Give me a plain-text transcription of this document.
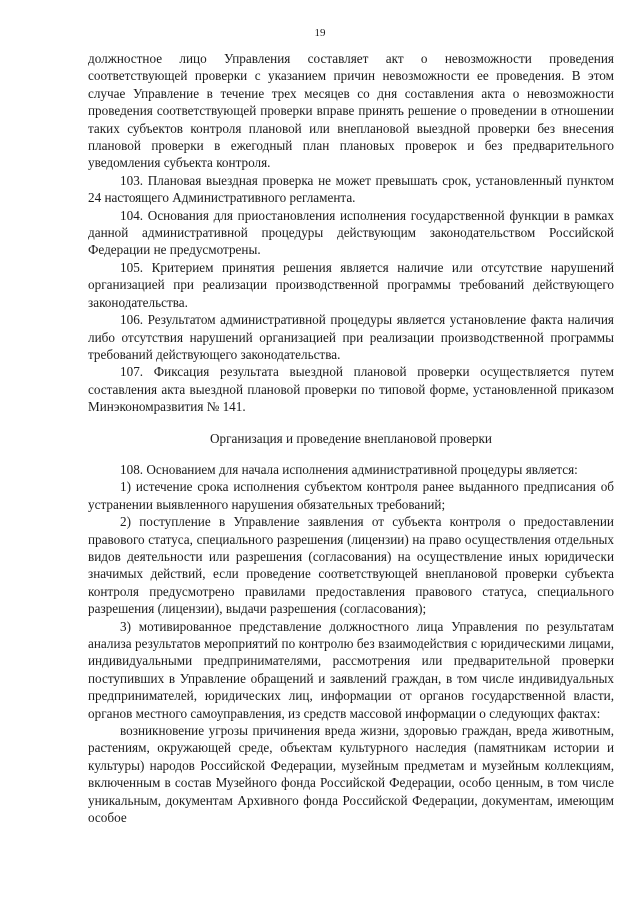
19

должностное лицо Управления составляет акт о невозможности проведения соответствующей проверки с указанием причин невозможности ее проведения. В этом случае Управление в течение трех месяцев со дня составления акта о невозможности проведения соответствующей проверки вправе принять решение о проведении в отношении таких субъектов контроля плановой или внеплановой выездной проверки без внесения плановой проверки в ежегодный план плановых проверок и без предварительного уведомления субъекта контроля.

103. Плановая выездная проверка не может превышать срок, установленный пунктом 24 настоящего Административного регламента.

104. Основания для приостановления исполнения государственной функции в рамках данной административной процедуры действующим законодательством Российской Федерации не предусмотрены.

105. Критерием принятия решения является наличие или отсутствие нарушений организацией при реализации производственной программы требований действующего законодательства.

106. Результатом административной процедуры является установление факта наличия либо отсутствия нарушений организацией при реализации производственной программы требований действующего законодательства.

107. Фиксация результата выездной плановой проверки осуществляется путем составления акта выездной плановой проверки по типовой форме, установленной приказом Минэкономразвития № 141.

Организация и проведение внеплановой проверки

108. Основанием для начала исполнения административной процедуры является:

1) истечение срока исполнения субъектом контроля ранее выданного предписания об устранении выявленного нарушения обязательных требований;

2) поступление в Управление заявления от субъекта контроля о предоставлении правового статуса, специального разрешения (лицензии) на право осуществления отдельных видов деятельности или разрешения (согласования) на осуществление иных юридически значимых действий, если проведение соответствующей внеплановой проверки субъекта контроля предусмотрено правилами предоставления правового статуса, специального разрешения (лицензии), выдачи разрешения (согласования);

3) мотивированное представление должностного лица Управления по результатам анализа результатов мероприятий по контролю без взаимодействия с юридическими лицами, индивидуальными предпринимателями, рассмотрения или предварительной проверки поступивших в Управление обращений и заявлений граждан, в том числе индивидуальных предпринимателей, юридических лиц, информации от органов государственной власти, органов местного самоуправления, из средств массовой информации о следующих фактах:

возникновение угрозы причинения вреда жизни, здоровью граждан, вреда животным, растениям, окружающей среде, объектам культурного наследия (памятникам истории и культуры) народов Российской Федерации, музейным предметам и музейным коллекциям, включенным в состав Музейного фонда Российской Федерации, особо ценным, в том числе уникальным, документам Архивного фонда Российской Федерации, документам, имеющим особое
